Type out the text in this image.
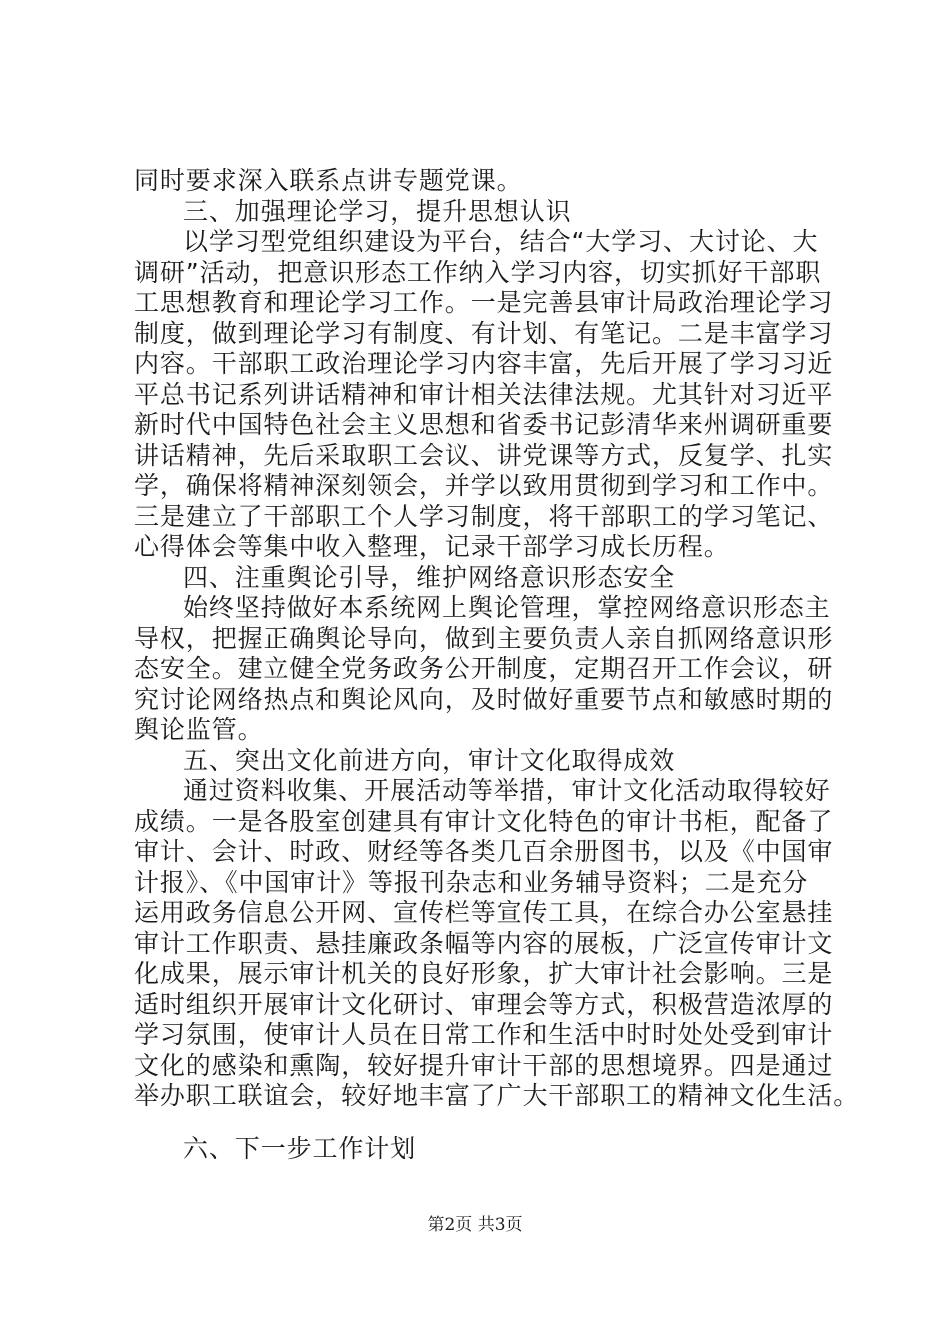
同时要求深入联系点讲专题党课。
三、加强理论学习，提升思想认识
以学习型党组织建设为平台，结合“大学习、大讨论、大
调研”活动，把意识形态工作纳入学习内容，切实抓好干部职
工思想教育和理论学习工作。一是完善县审计局政治理论学习
制度，做到理论学习有制度、有计划、有笔记。二是丰富学习
内容。干部职工政治理论学习内容丰富，先后开展了学习习近
平总书记系列讲话精神和审计相关法律法规。尤其针对习近平
新时代中国特色社会主义思想和省委书记彭清华来州调研重要
讲话精神，先后采取职工会议、讲党课等方式，反复学、扎实
学，确保将精神深刻领会，并学以致用贯彻到学习和工作中。
三是建立了干部职工个人学习制度，将干部职工的学习笔记、
心得体会等集中收入整理，记录干部学习成长历程。
四、注重舆论引导，维护网络意识形态安全
始终坚持做好本系统网上舆论管理，掌控网络意识形态主
导权，把握正确舆论导向，做到主要负责人亲自抓网络意识形
态安全。建立健全党务政务公开制度，定期召开工作会议，研
究讨论网络热点和舆论风向，及时做好重要节点和敏感时期的
舆论监管。
五、突出文化前进方向，审计文化取得成效
通过资料收集、开展活动等举措，审计文化活动取得较好
成绩。一是各股室创建具有审计文化特色的审计书柜，配备了
审计、会计、时政、财经等各类几百余册图书，以及《中国审
计报》、《中国审计》等报刊杂志和业务辅导资料；二是充分
运用政务信息公开网、宣传栏等宣传工具，在综合办公室悬挂
审计工作职责、悬挂廉政条幅等内容的展板，广泛宣传审计文
化成果，展示审计机关的良好形象，扩大审计社会影响。三是
适时组织开展审计文化研讨、审理会等方式，积极营造浓厚的
学习氛围，使审计人员在日常工作和生活中时时处处受到审计
文化的感染和熏陶，较好提升审计干部的思想境界。四是通过
举办职工联谊会，较好地丰富了广大干部职工的精神文化生活。
六、下一步工作计划
第2页 共3页
